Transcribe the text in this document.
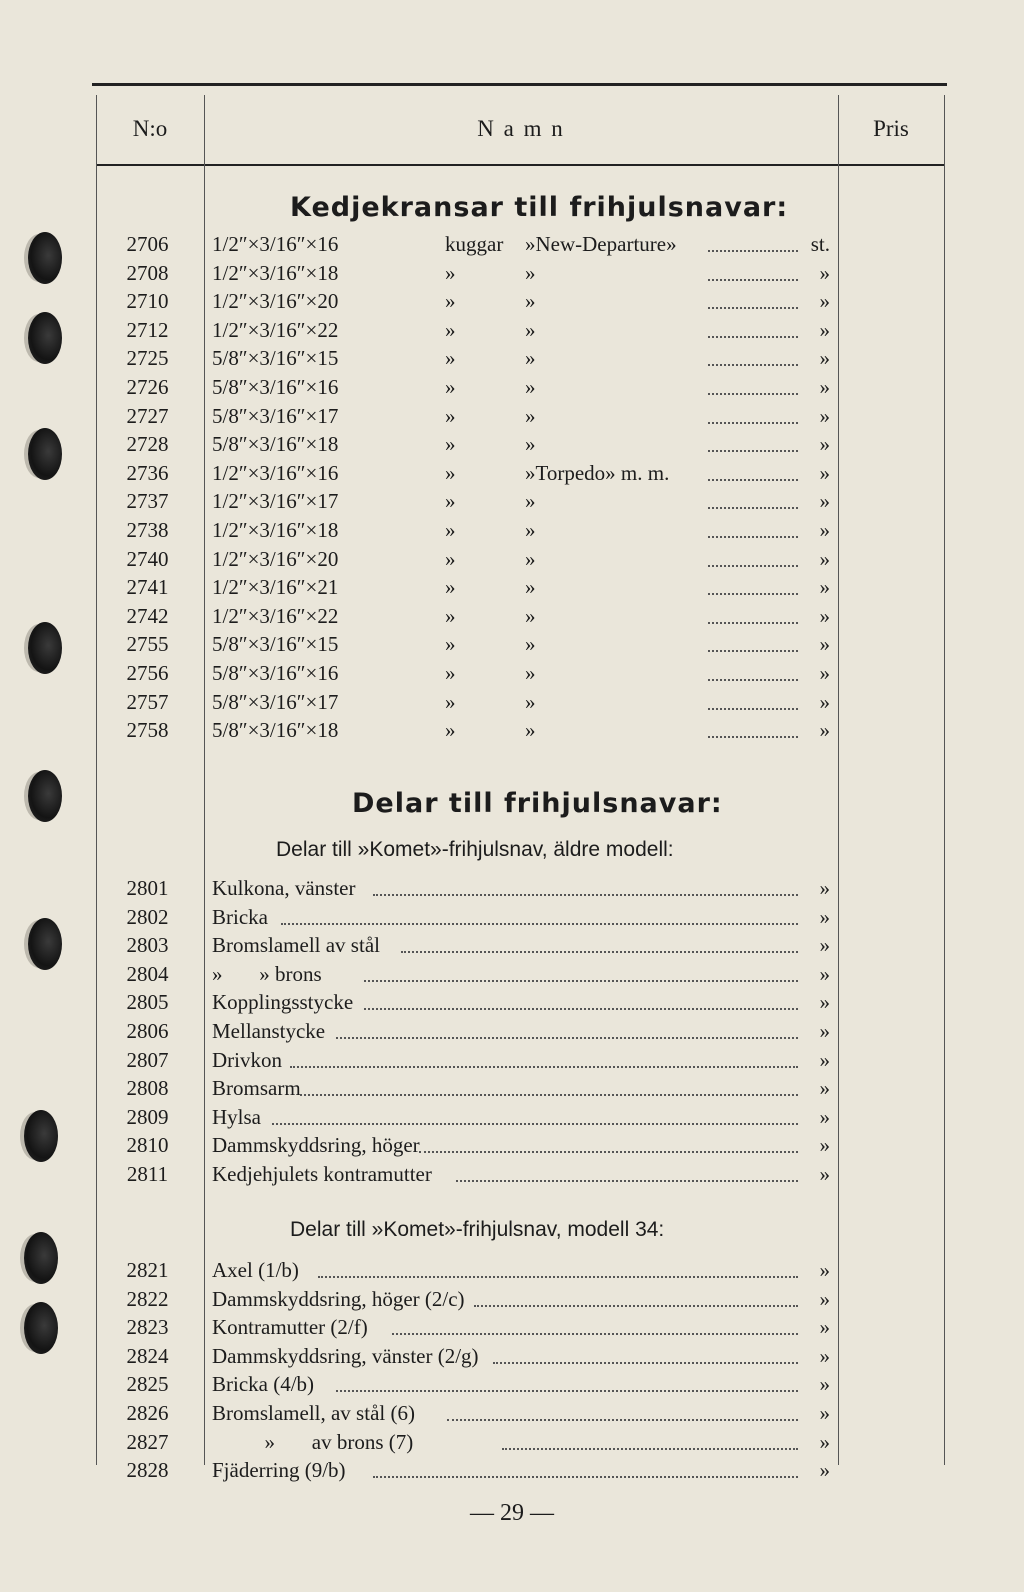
N:o	N a m n	Pris
Kedjekransar till frihjulsnavar:
2706	1/2″×3/16″×16	kuggar »New-Departure»	st.
2708	1/2″×3/16″×18	»	»	»
2710	1/2″×3/16″×20	»	»	»
2712	1/2″×3/16″×22	»	»	»
2725	5/8″×3/16″×15	»	»	»
2726	5/8″×3/16″×16	»	»	»
2727	5/8″×3/16″×17	»	»	»
2728	5/8″×3/16″×18	»	»	»
2736	1/2″×3/16″×16	»	»Torpedo» m. m.	»
2737	1/2″×3/16″×17	»	»	»
2738	1/2″×3/16″×18	»	»	»
2740	1/2″×3/16″×20	»	»	»
2741	1/2″×3/16″×21	»	»	»
2742	1/2″×3/16″×22	»	»	»
2755	5/8″×3/16″×15	»	»	»
2756	5/8″×3/16″×16	»	»	»
2757	5/8″×3/16″×17	»	»	»
2758	5/8″×3/16″×18	»	»	»
Delar till frihjulsnavar:
Delar till »Komet»-frihjulsnav, äldre modell:
2801	Kulkona, vänster	»
2802	Bricka	»
2803	Bromslamell av stål	»
2804	»       » brons	»
2805	Kopplingsstycke	»
2806	Mellanstycke	»
2807	Drivkon	»
2808	Bromsarm	»
2809	Hylsa	»
2810	Dammskyddsring, höger	»
2811	Kedjehjulets kontramutter	»
Delar till »Komet»-frihjulsnav, modell 34:
2821	Axel (1/b)	»
2822	Dammskyddsring, höger (2/c)	»
2823	Kontramutter (2/f)	»
2824	Dammskyddsring, vänster (2/g)	»
2825	Bricka (4/b)	»
2826	Bromslamell, av stål (6)	»
2827	»       av brons (7)	»
2828	Fjäderring (9/b)	»
— 29 —
